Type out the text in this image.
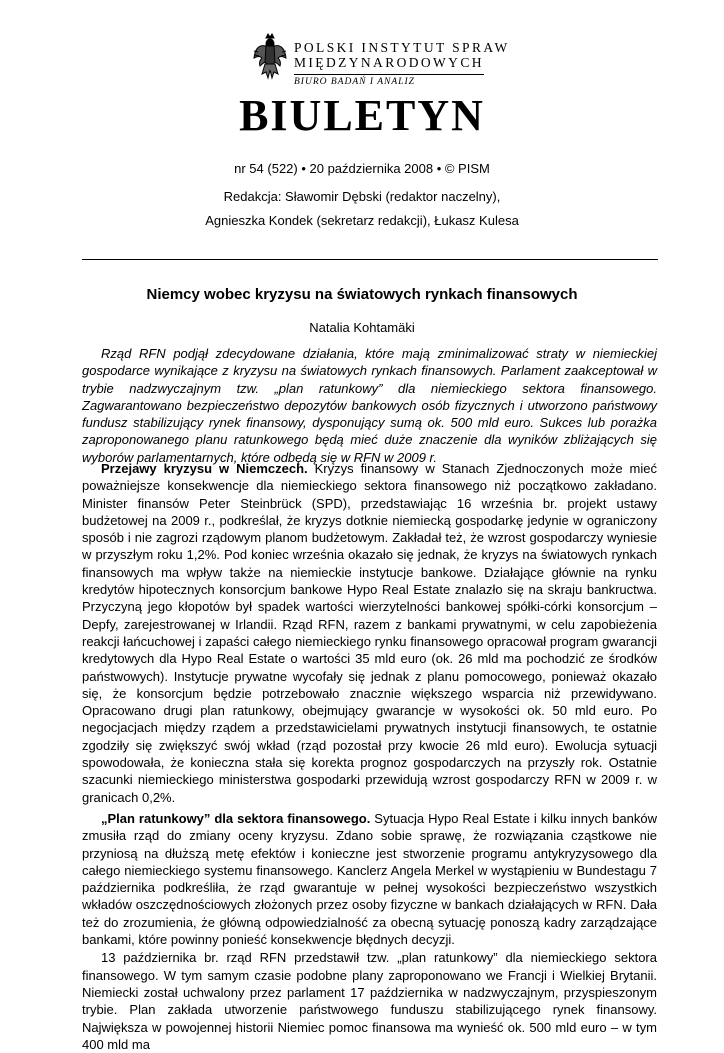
POLSKI INSTYTUT SPRAW
MIĘDZYNARODOWYCH
BIURO BADAŃ I ANALIZ
BIULETYN
nr 54 (522) • 20 października 2008 • © PISM
Redakcja: Sławomir Dębski (redaktor naczelny),
Agnieszka Kondek (sekretarz redakcji), Łukasz Kulesa
Niemcy wobec kryzysu na światowych rynkach finansowych
Natalia Kohtamäki

Rząd RFN podjął zdecydowane działania, które mają zminimalizować straty w niemieckiej gospodarce wynikające z kryzysu na światowych rynkach finansowych. Parlament zaakceptował w trybie nadzwyczajnym tzw. „plan ratunkowy” dla niemieckiego sektora finansowego. Zagwarantowano bezpieczeństwo depozytów bankowych osób fizycznych i utworzono państwowy fundusz stabilizujący rynek finansowy, dysponujący sumą ok. 500 mld euro. Sukces lub porażka zaproponowanego planu ratunkowego będą mieć duże znaczenie dla wyników zbliżających się wyborów parlamentarnych, które odbędą się w RFN w 2009 r.

Przejawy kryzysu w Niemczech. Kryzys finansowy w Stanach Zjednoczonych może mieć poważniejsze konsekwencje dla niemieckiego sektora finansowego niż początkowo zakładano. Minister finansów Peter Steinbrück (SPD), przedstawiając 16 września br. projekt ustawy budżetowej na 2009 r., podkreślał, że kryzys dotknie niemiecką gospodarkę jedynie w ograniczony sposób i nie zagrozi rządowym planom budżetowym. Zakładał też, że wzrost gospodarczy wyniesie w przyszłym roku 1,2%. Pod koniec września okazało się jednak, że kryzys na światowych rynkach finansowych ma wpływ także na niemieckie instytucje bankowe. Działające głównie na rynku kredytów hipotecznych konsorcjum bankowe Hypo Real Estate znalazło się na skraju bankructwa. Przyczyną jego kłopotów był spadek wartości wierzytelności bankowej spółki-córki konsorcjum – Depfy, zarejestrowanej w Irlandii. Rząd RFN, razem z bankami prywatnymi, w celu zapobieżenia reakcji łańcuchowej i zapaści całego niemieckiego rynku finansowego opracował program gwarancji kredytowych dla Hypo Real Estate o wartości 35 mld euro (ok. 26 mld ma pochodzić ze środków państwowych). Instytucje prywatne wycofały się jednak z planu pomocowego, ponieważ okazało się, że konsorcjum będzie potrzebowało znacznie większego wsparcia niż przewidywano. Opracowano drugi plan ratunkowy, obejmujący gwarancje w wysokości ok. 50 mld euro. Po negocjacjach między rządem a przedstawicielami prywatnych instytucji finansowych, te ostatnie zgodziły się zwiększyć swój wkład (rząd pozostał przy kwocie 26 mld euro). Ewolucja sytuacji spowodowała, że konieczna stała się korekta prognoz gospodarczych na przyszły rok. Ostatnie szacunki niemieckiego ministerstwa gospodarki przewidują wzrost gospodarczy RFN w 2009 r. w granicach 0,2%.

„Plan ratunkowy” dla sektora finansowego. Sytuacja Hypo Real Estate i kilku innych banków zmusiła rząd do zmiany oceny kryzysu. Zdano sobie sprawę, że rozwiązania cząstkowe nie przyniosą na dłuższą metę efektów i konieczne jest stworzenie programu antykryzysowego dla całego niemieckiego systemu finansowego. Kanclerz Angela Merkel w wystąpieniu w Bundestagu 7 października podkreśliła, że rząd gwarantuje w pełnej wysokości bezpieczeństwo wszystkich wkładów oszczędnościowych złożonych przez osoby fizyczne w bankach działających w RFN. Dała też do zrozumienia, że główną odpowiedzialność za obecną sytuację ponoszą kadry zarządzające bankami, które powinny ponieść konsekwencje błędnych decyzji.

13 października br. rząd RFN przedstawił tzw. „plan ratunkowy” dla niemieckiego sektora finansowego. W tym samym czasie podobne plany zaproponowano we Francji i Wielkiej Brytanii. Niemiecki został uchwalony przez parlament 17 października w nadzwyczajnym, przyspieszonym trybie. Plan zakłada utworzenie państwowego funduszu stabilizującego rynek finansowy. Największa w powojennej historii Niemiec pomoc finansowa ma wynieść ok. 500 mld euro – w tym 400 mld ma
